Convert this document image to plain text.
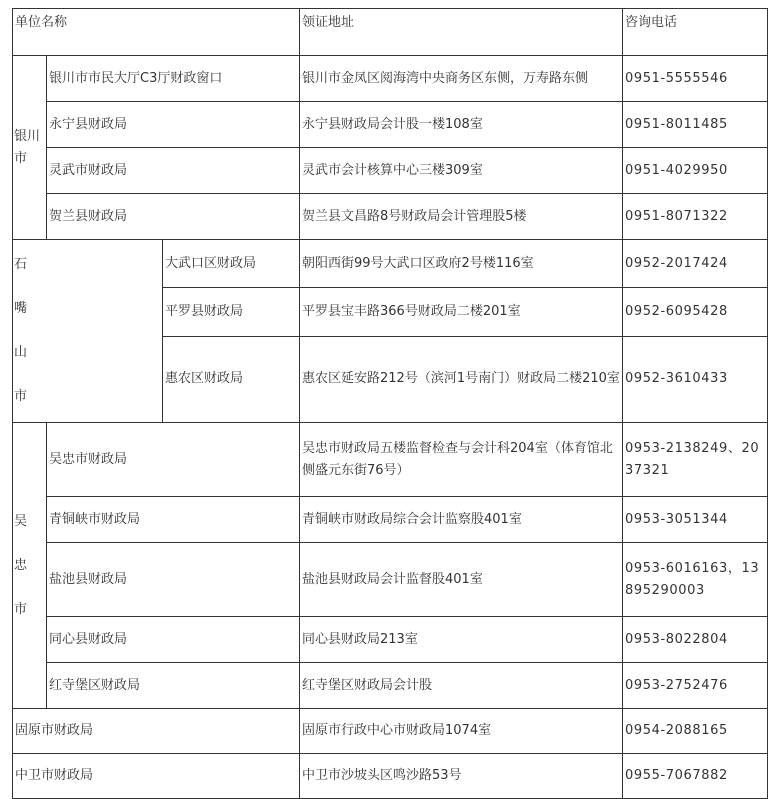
单位名称			领证地址	咨询电话
银川市	银川市市民大厅C3厅财政窗口		银川市金凤区阅海湾中央商务区东侧，万寿路东侧	0951-5555546
	永宁县财政局		永宁县财政局会计股一楼108室	0951-8011485
	灵武市财政局		灵武市会计核算中心三楼309室	0951-4029950
	贺兰县财政局		贺兰县文昌路8号财政局会计管理股5楼	0951-8071322

石嘴山市		大武口区财政局	朝阳西街99号大武口区政府2号楼116室	0952-2017424
		平罗县财政局	平罗县宝丰路366号财政局二楼201室	0952-6095428
		惠农区财政局	惠农区延安路212号（滨河1号南门）财政局二楼210室	0952-3610433

吴忠市	吴忠市财政局		吴忠市财政局五楼监督检查与会计科204室（体育馆北侧盛元东街76号）	0953-2138249、2037321
	青铜峡市财政局		青铜峡市财政局综合会计监察股401室	0953-3051344
	盐池县财政局		盐池县财政局会计监督股401室	0953-6016163，13895290003
	同心县财政局		同心县财政局213室	0953-8022804
	红寺堡区财政局		红寺堡区财政局会计股	0953-2752476
固原市财政局			固原市行政中心市财政局1074室	0954-2088165
中卫市财政局			中卫市沙坡头区鸣沙路53号	0955-7067882
